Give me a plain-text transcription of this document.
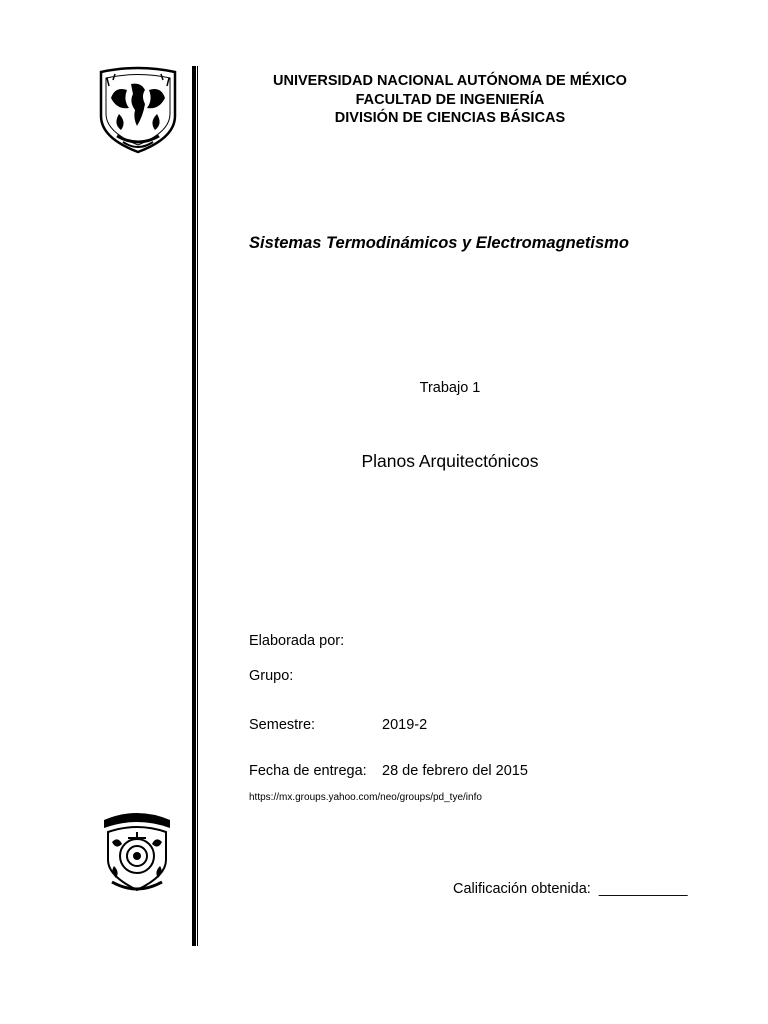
UNIVERSIDAD NACIONAL AUTÓNOMA DE MÉXICO
FACULTAD DE INGENIERÍA
DIVISIÓN DE CIENCIAS BÁSICAS
Sistemas Termodinámicos y Electromagnetismo
Trabajo 1
Planos Arquitectónicos
Elaborada por:
Grupo:
Semestre:	2019-2
Fecha de entrega: 28 de febrero del 2015
https://mx.groups.yahoo.com/neo/groups/pd_tye/info
Calificación obtenida: ___________
